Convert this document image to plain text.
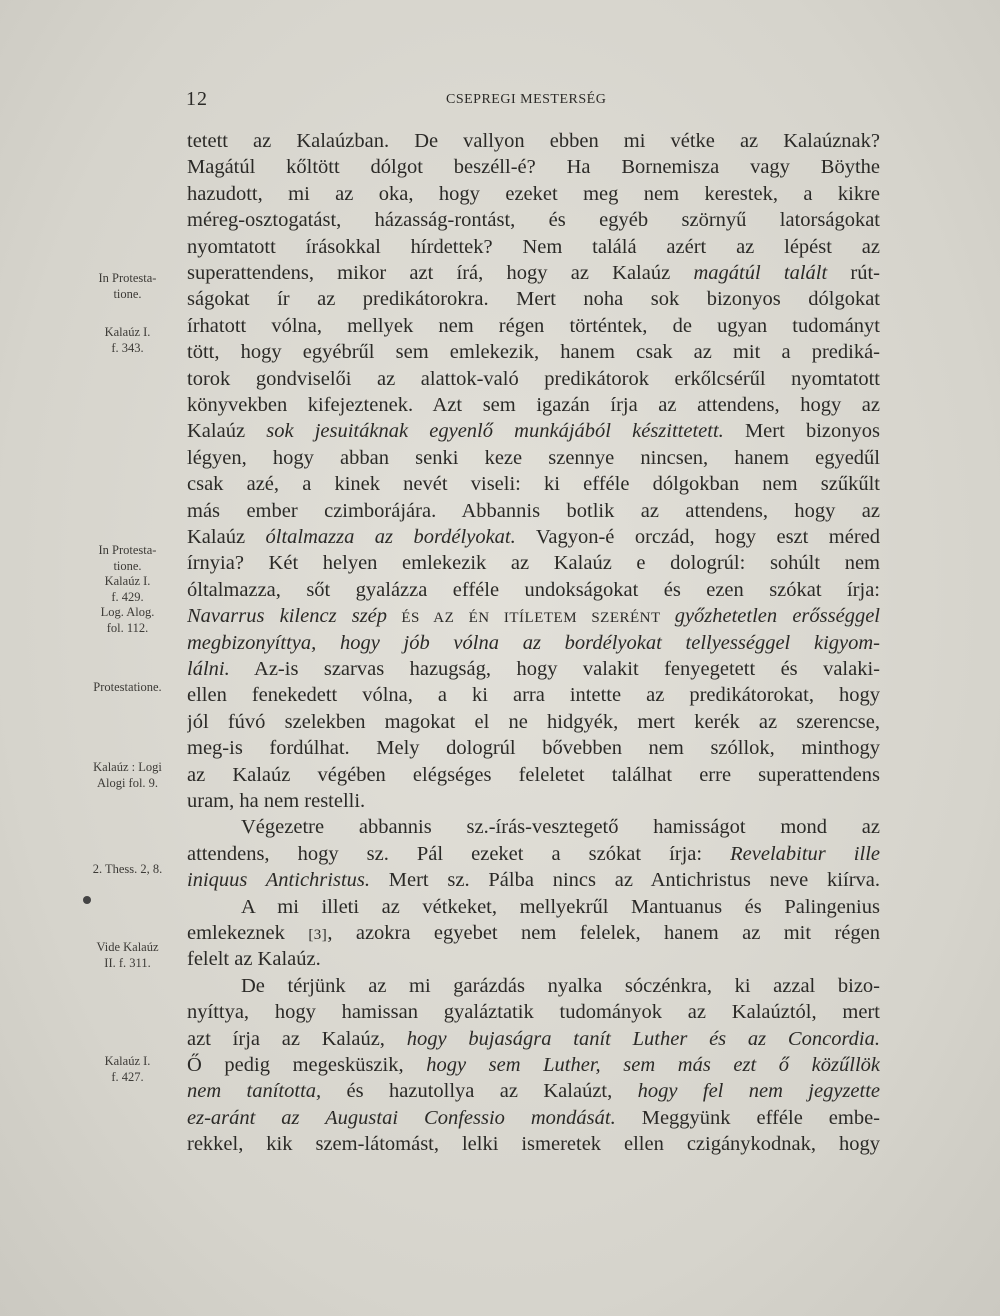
12	CSEPREGI MESTERSÉG
tetett az Kalaúzban. De vallyon ebben mi vétke az Kalaúznak?
Magátúl kőltött dólgot beszéll-é? Ha Bornemisza vagy Böythe
hazudott, mi az oka, hogy ezeket meg nem kerestek, a kikre
méreg-osztogatást, házasság-rontást, és egyéb szörnyű latorságokat
nyomtatott írásokkal hírdettek? Nem találá azért az lépést az
superattendens, mikor azt írá, hogy az Kalaúz magátúl talált rút-
ságokat ír az predikátorokra. Mert noha sok bizonyos dólgokat
írhatott vólna, mellyek nem régen történtek, de ugyan tudományt
tött, hogy egyébrűl sem emlekezik, hanem csak az mit a prediká-
torok gondviselői az alattok-való predikátorok erkőlcsérűl nyomtatott
könyvekben kifejeztenek. Azt sem igazán írja az attendens, hogy az
Kalaúz sok jesuitáknak egyenlő munkájából készittetett. Mert bizonyos
légyen, hogy abban senki keze szennye nincsen, hanem egyedűl
csak azé, a kinek nevét viseli: ki efféle dólgokban nem szűkűlt
más ember czimborájára. Abbannis botlik az attendens, hogy az
Kalaúz óltalmazza az bordélyokat. Vagyon-é orczád, hogy eszt méred
írnyia? Két helyen emlekezik az Kalaúz e dologrúl: sohúlt nem
óltalmazza, sőt gyalázza efféle undokságokat és ezen szókat írja:
Navarrus kilencz szép ÉS AZ ÉN ITÍLETEM SZERÉNT győzhetetlen erősséggel
megbizonyíttya, hogy jób vólna az bordélyokat tellyességgel kigyom-
lálni. Az-is szarvas hazugság, hogy valakit fenyegetett és valaki-
ellen fenekedett vólna, a ki arra intette az predikátorokat, hogy
jól fúvó szelekben magokat el ne hidgyék, mert kerék az szerencse,
meg-is fordúlhat. Mely dologrúl bővebben nem szóllok, minthogy
az Kalaúz végében elégséges feleletet találhat erre superattendens
uram, ha nem restelli.
Végezetre abbannis sz.-írás-vesztegető hamisságot mond az
attendens, hogy sz. Pál ezeket a szókat írja: Revelabitur ille
iniquus Antichristus. Mert sz. Pálba nincs az Antichristus neve kiírva.
A mi illeti az vétkeket, mellyekrűl Mantuanus és Palingenius
emlekeznek [3], azokra egyebet nem felelek, hanem az mit régen
felelt az Kalaúz.
De térjünk az mi garázdás nyalka sóczénkra, ki azzal bizo-
nyíttya, hogy hamissan gyaláztatik tudományok az Kalaúztól, mert
azt írja az Kalaúz, hogy bujaságra tanít Luther és az Concordia.
Ő pedig megesküszik, hogy sem Luther, sem más ezt ő közűllök
nem tanította, és hazutollya az Kalaúzt, hogy fel nem jegyzette
ez-aránt az Augustai Confessio mondását. Meggyünk efféle embe-
rekkel, kik szem-látomást, lelki ismeretek ellen czigánykodnak, hogy
In Protesta-
tione.
Kalaúz I.
f. 343.
In Protesta-
tione.
Kalaúz I.
f. 429.
Log. Alog.
fol. 112.
Protestatione.
Kalaúz : Logi
Alogi fol. 9.
2. Thess. 2, 8.
Vide Kalaúz
II. f. 311.
Kalaúz I.
f. 427.
